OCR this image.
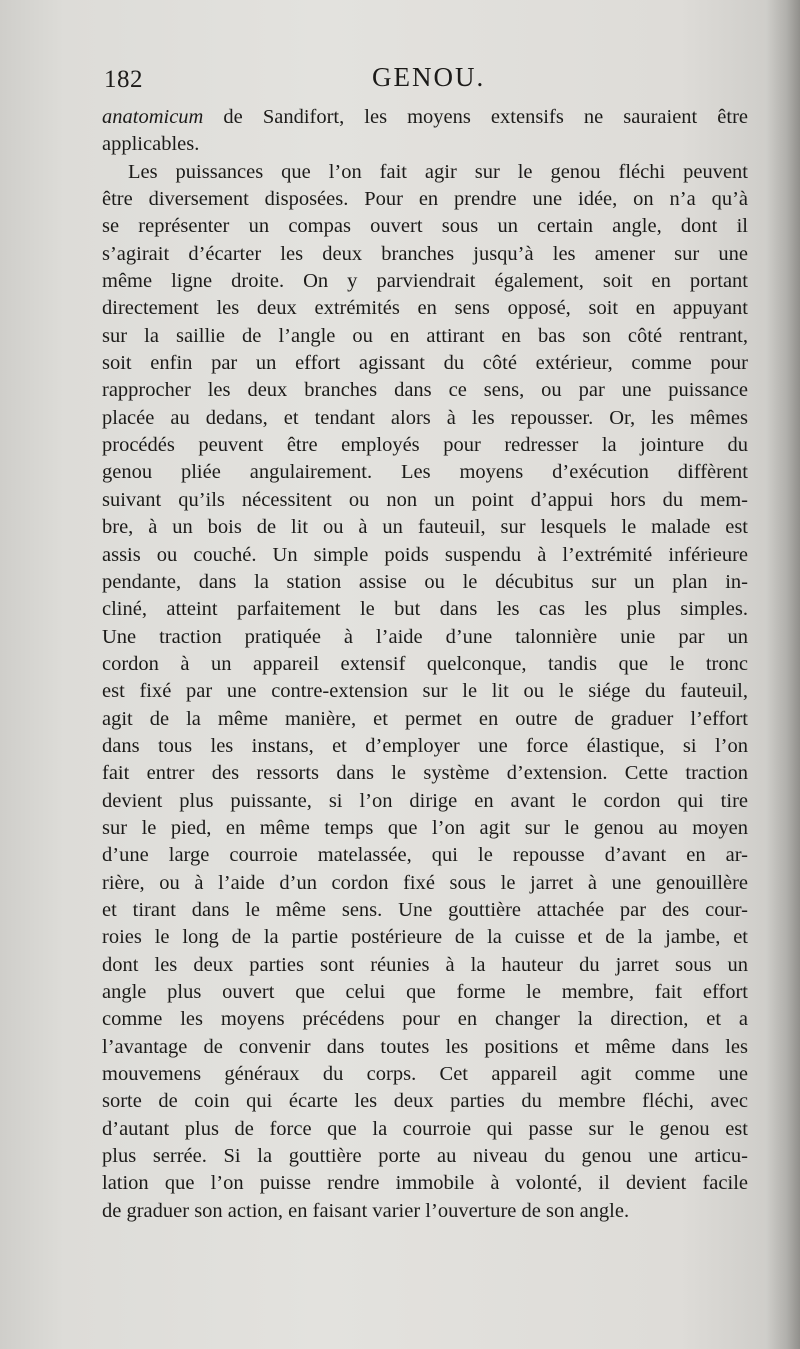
182	GENOU.
anatomicum de Sandifort, les moyens extensifs ne sauraient être
applicables.
Les puissances que l’on fait agir sur le genou fléchi peuvent
être diversement disposées. Pour en prendre une idée, on n’a qu’à
se représenter un compas ouvert sous un certain angle, dont il
s’agirait d’écarter les deux branches jusqu’à les amener sur une
même ligne droite. On y parviendrait également, soit en portant
directement les deux extrémités en sens opposé, soit en appuyant
sur la saillie de l’angle ou en attirant en bas son côté rentrant,
soit enfin par un effort agissant du côté extérieur, comme pour
rapprocher les deux branches dans ce sens, ou par une puissance
placée au dedans, et tendant alors à les repousser. Or, les mêmes
procédés peuvent être employés pour redresser la jointure du
genou pliée angulairement. Les moyens d’exécution diffèrent
suivant qu’ils nécessitent ou non un point d’appui hors du mem-
bre, à un bois de lit ou à un fauteuil, sur lesquels le malade est
assis ou couché. Un simple poids suspendu à l’extrémité inférieure
pendante, dans la station assise ou le décubitus sur un plan in-
cliné, atteint parfaitement le but dans les cas les plus simples.
Une traction pratiquée à l’aide d’une talonnière unie par un
cordon à un appareil extensif quelconque, tandis que le tronc
est fixé par une contre-extension sur le lit ou le siége du fauteuil,
agit de la même manière, et permet en outre de graduer l’effort
dans tous les instans, et d’employer une force élastique, si l’on
fait entrer des ressorts dans le système d’extension. Cette traction
devient plus puissante, si l’on dirige en avant le cordon qui tire
sur le pied, en même temps que l’on agit sur le genou au moyen
d’une large courroie matelassée, qui le repousse d’avant en ar-
rière, ou à l’aide d’un cordon fixé sous le jarret à une genouillère
et tirant dans le même sens. Une gouttière attachée par des cour-
roies le long de la partie postérieure de la cuisse et de la jambe, et
dont les deux parties sont réunies à la hauteur du jarret sous un
angle plus ouvert que celui que forme le membre, fait effort
comme les moyens précédens pour en changer la direction, et a
l’avantage de convenir dans toutes les positions et même dans les
mouvemens généraux du corps. Cet appareil agit comme une
sorte de coin qui écarte les deux parties du membre fléchi, avec
d’autant plus de force que la courroie qui passe sur le genou est
plus serrée. Si la gouttière porte au niveau du genou une articu-
lation que l’on puisse rendre immobile à volonté, il devient facile
de graduer son action, en faisant varier l’ouverture de son angle.
